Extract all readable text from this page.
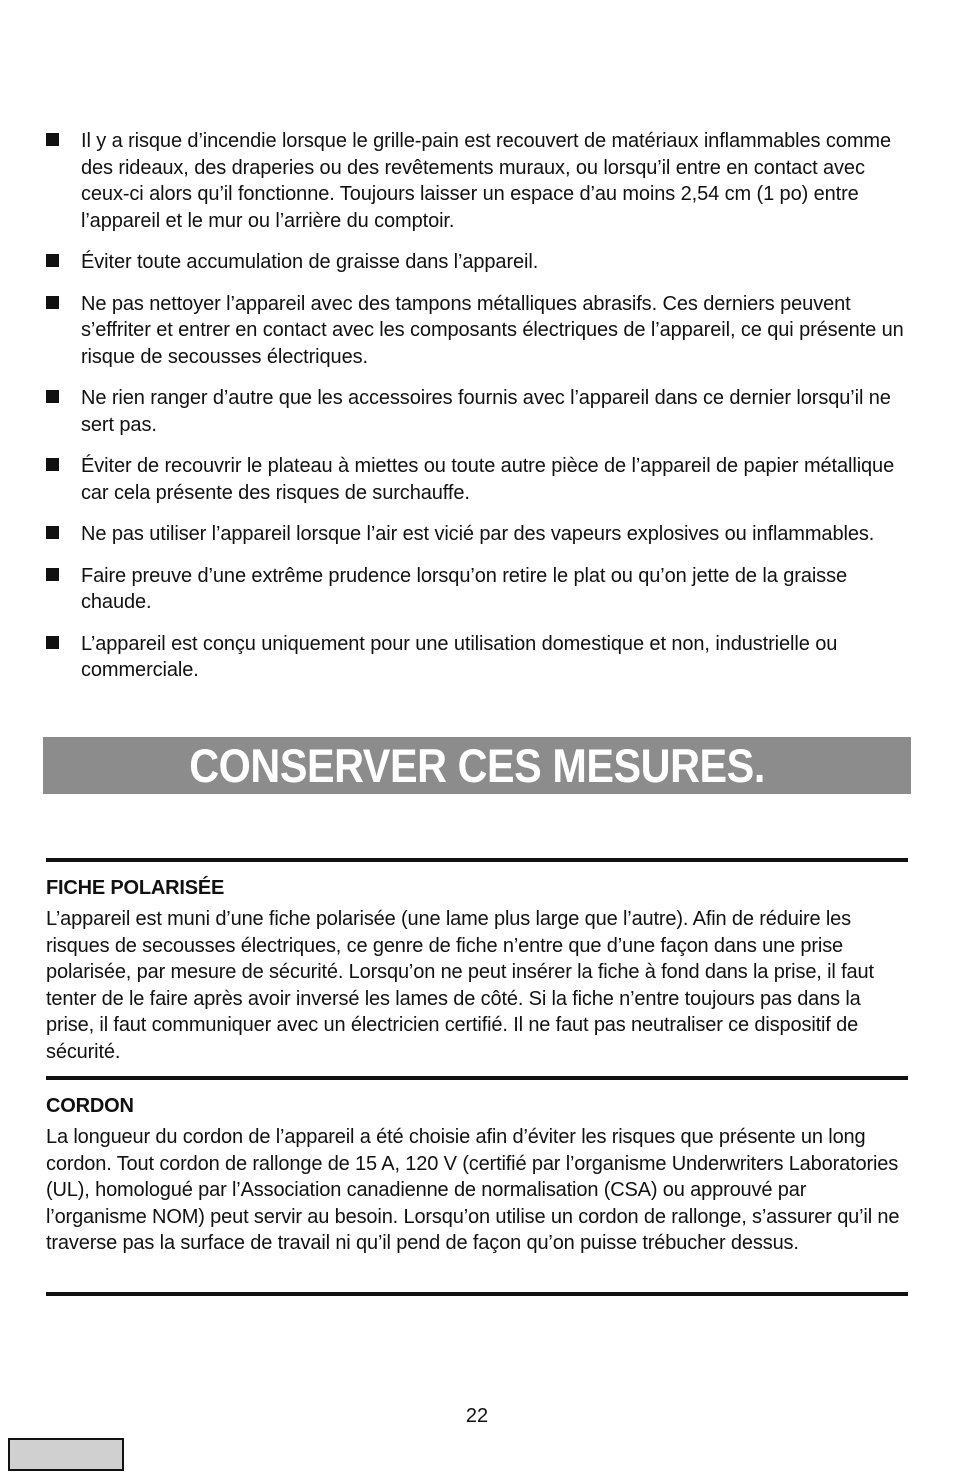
Il y a risque d’incendie lorsque le grille-pain est recouvert de matériaux inflammables comme des rideaux, des draperies ou des revêtements muraux, ou lorsqu’il entre en contact avec ceux-ci alors qu’il fonctionne. Toujours laisser un espace d’au moins 2,54 cm (1 po) entre l’appareil et le mur ou l’arrière du comptoir.
Éviter toute accumulation de graisse dans l’appareil.
Ne pas nettoyer l’appareil avec des tampons métalliques abrasifs. Ces derniers peuvent s’effriter et entrer en contact avec les composants électriques de l’appareil, ce qui présente un risque de secousses électriques.
Ne rien ranger d’autre que les accessoires fournis avec l’appareil dans ce dernier lorsqu’il ne sert pas.
Éviter de recouvrir le plateau à miettes ou toute autre pièce de l’appareil de papier métallique car cela présente des risques de surchauffe.
Ne pas utiliser l’appareil lorsque l’air est vicié par des vapeurs explosives ou inflammables.
Faire preuve d’une extrême prudence lorsqu’on retire le plat ou qu’on jette de la graisse chaude.
L’appareil est conçu uniquement pour une utilisation domestique et non, industrielle ou commerciale.
CONSERVER CES MESURES.
FICHE POLARISÉE
L’appareil est muni d’une fiche polarisée (une lame plus large que l’autre). Afin de réduire les risques de secousses électriques, ce genre de fiche n’entre que d’une façon dans une prise polarisée, par mesure de sécurité. Lorsqu’on ne peut insérer la fiche à fond dans la prise, il faut tenter de le faire après avoir inversé les lames de côté. Si la fiche n’entre toujours pas dans la prise, il faut communiquer avec un électricien certifié. Il ne faut pas neutraliser ce dispositif de sécurité.
CORDON
La longueur du cordon de l’appareil a été choisie afin d’éviter les risques que présente un long cordon. Tout cordon de rallonge de 15 A, 120 V (certifié par l’organisme Underwriters Laboratories (UL), homologué par l’Association canadienne de normalisation (CSA) ou approuvé par l’organisme NOM) peut servir au besoin. Lorsqu’on utilise un cordon de rallonge, s’assurer qu’il ne traverse pas la surface de travail ni qu’il pend de façon qu’on puisse trébucher dessus.
22
